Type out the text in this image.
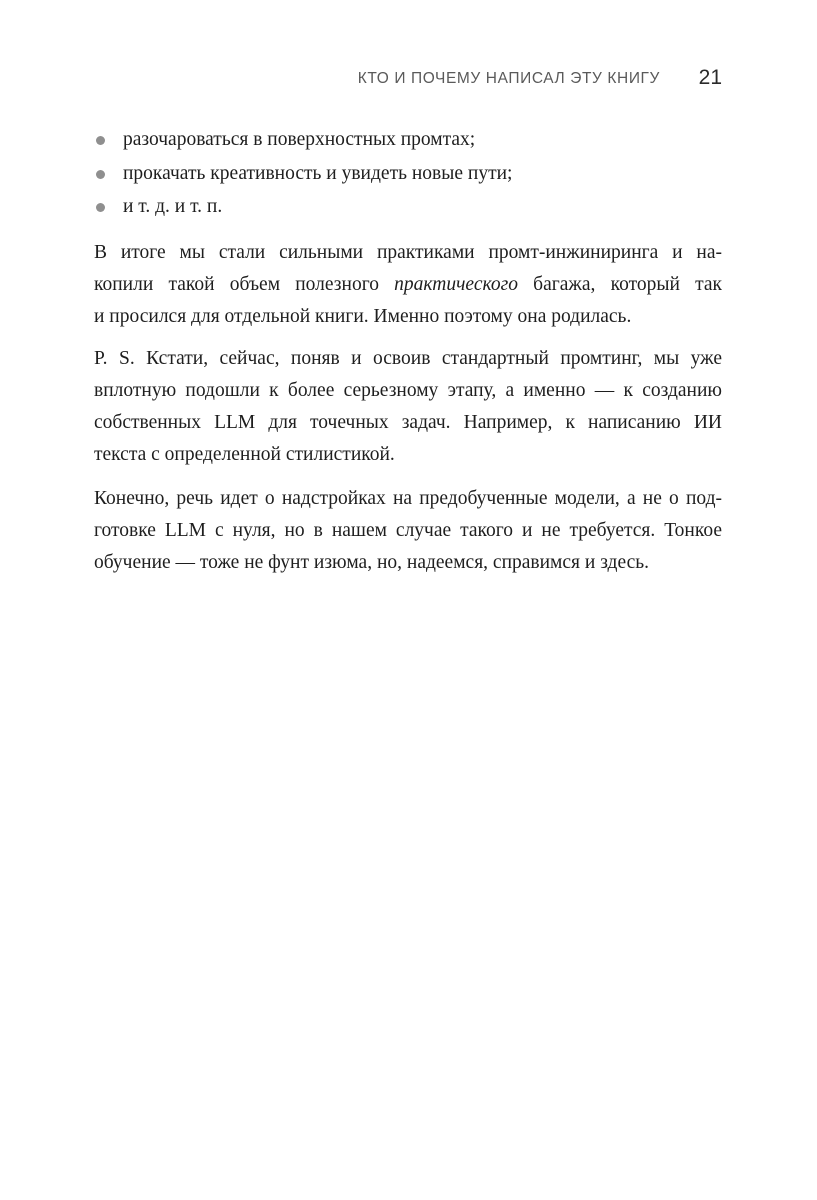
КТО И ПОЧЕМУ НАПИСАЛ ЭТУ КНИГУ 21
разочароваться в поверхностных промтах;
прокачать креативность и увидеть новые пути;
и т. д. и т. п.

В итоге мы стали сильными практиками промт-инжиниринга и на-
копили такой объем полезного практического багажа, который так
и просился для отдельной книги. Именно поэтому она родилась.

P. S. Кстати, сейчас, поняв и освоив стандартный промтинг, мы уже
вплотную подошли к более серьезному этапу, а именно — к созданию
собственных LLM для точечных задач. Например, к написанию ИИ
текста с определенной стилистикой.

Конечно, речь идет о надстройках на предобученные модели, а не о под-
готовке LLM с нуля, но в нашем случае такого и не требуется. Тонкое
обучение — тоже не фунт изюма, но, надеемся, справимся и здесь.
